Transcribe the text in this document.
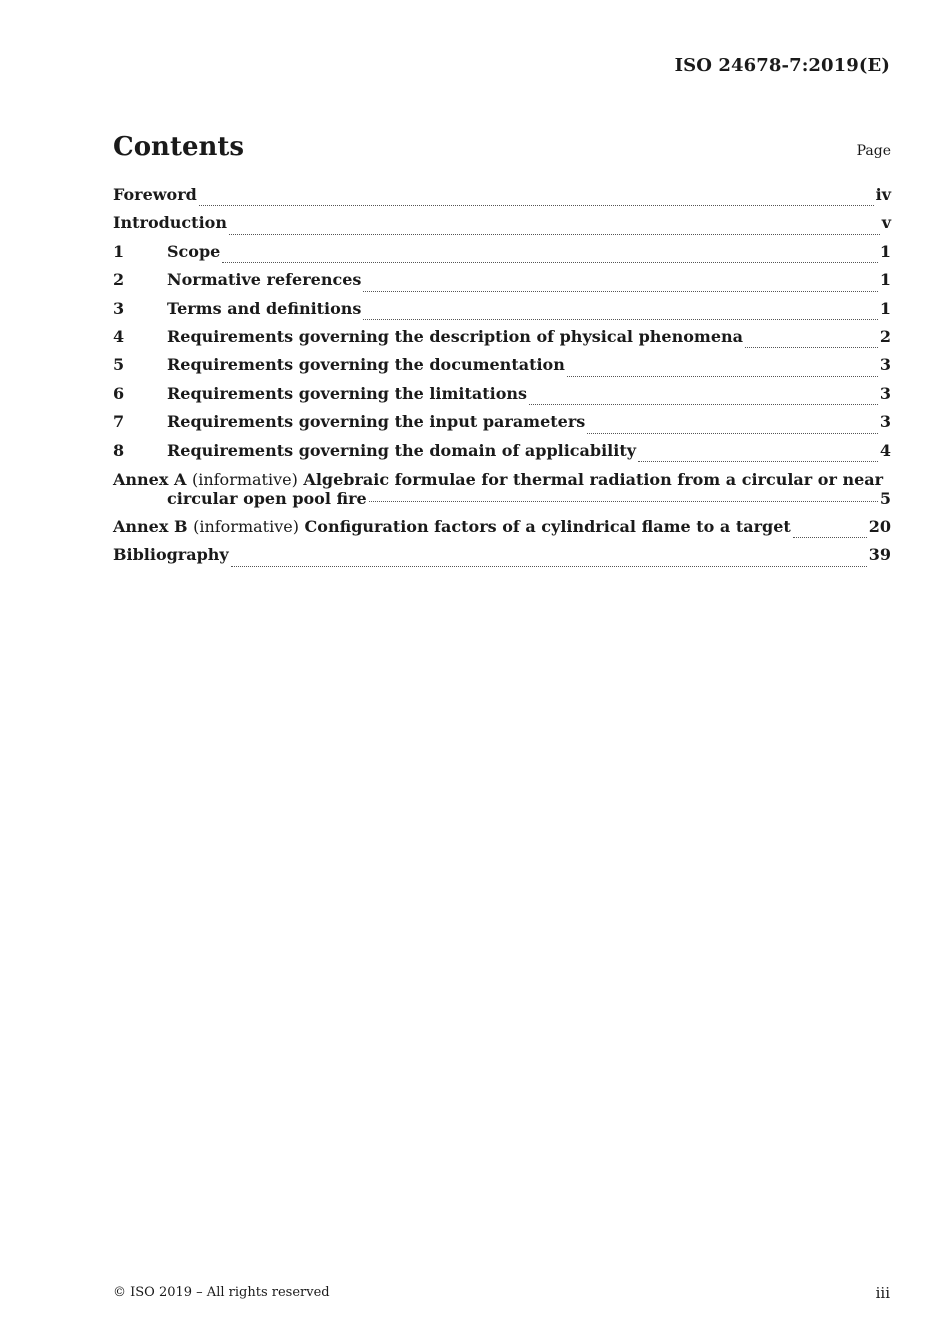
ISO 24678-7:2019(E)
Contents	Page
Foreword	iv
Introduction	v
1	Scope	1
2	Normative references	1
3	Terms and definitions	1
4	Requirements governing the description of physical phenomena	2
5	Requirements governing the documentation	3
6	Requirements governing the limitations	3
7	Requirements governing the input parameters	3
8	Requirements governing the domain of applicability	4
Annex A (informative) Algebraic formulae for thermal radiation from a circular or near
circular open pool fire	5
Annex B (informative) Configuration factors of a cylindrical flame to a target	20
Bibliography	39
© ISO 2019 – All rights reserved	iii
